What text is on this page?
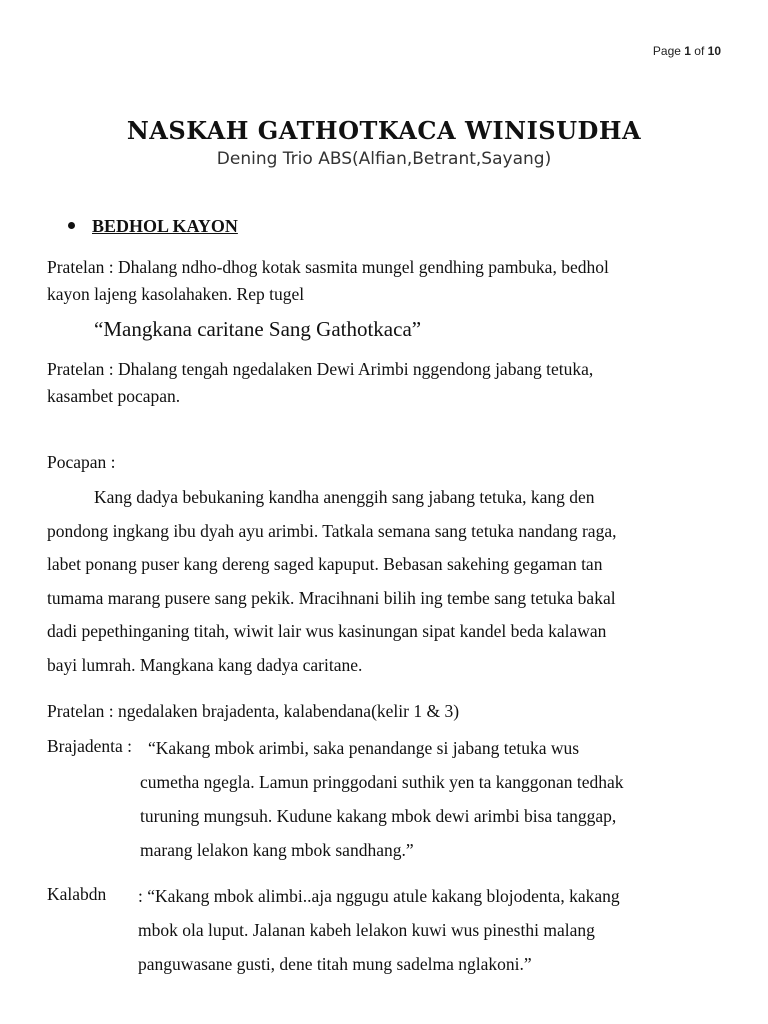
Page 1 of 10
NASKAH GATHOTKACA WINISUDHA
Dening Trio ABS(Alfian,Betrant,Sayang)
BEDHOL KAYON
Pratelan : Dhalang ndho-dhog kotak sasmita mungel gendhing pambuka, bedhol
kayon lajeng kasolahaken. Rep tugel
“Mangkana caritane Sang Gathotkaca”
Pratelan : Dhalang tengah ngedalaken Dewi Arimbi nggendong jabang tetuka,
kasambet pocapan.
Pocapan :
Kang dadya bebukaning kandha anenggih sang jabang tetuka, kang den
pondong ingkang ibu dyah ayu arimbi. Tatkala semana sang tetuka nandang raga,
labet ponang puser kang dereng saged kapuput. Bebasan sakehing gegaman tan
tumama marang pusere sang pekik. Mracihnani bilih ing tembe sang tetuka bakal
dadi pepethinganing titah, wiwit lair wus kasinungan sipat kandel beda kalawan
bayi lumrah. Mangkana kang dadya caritane.
Pratelan : ngedalaken brajadenta, kalabendana(kelir 1 & 3)
Brajadenta : “Kakang mbok arimbi, saka penandange si jabang tetuka wus
cumetha ngegla. Lamun pringgodani suthik yen ta kanggonan tedhak
turuning mungsuh. Kudune kakang mbok dewi arimbi bisa tanggap,
marang lelakon kang mbok sandhang.”
Kalabdn : “Kakang mbok alimbi..aja nggugu atule kakang blojodenta, kakang
mbok ola luput. Jalanan kabeh lelakon kuwi wus pinesthi malang
panguwasane gusti, dene titah mung sadelma nglakoni.”
